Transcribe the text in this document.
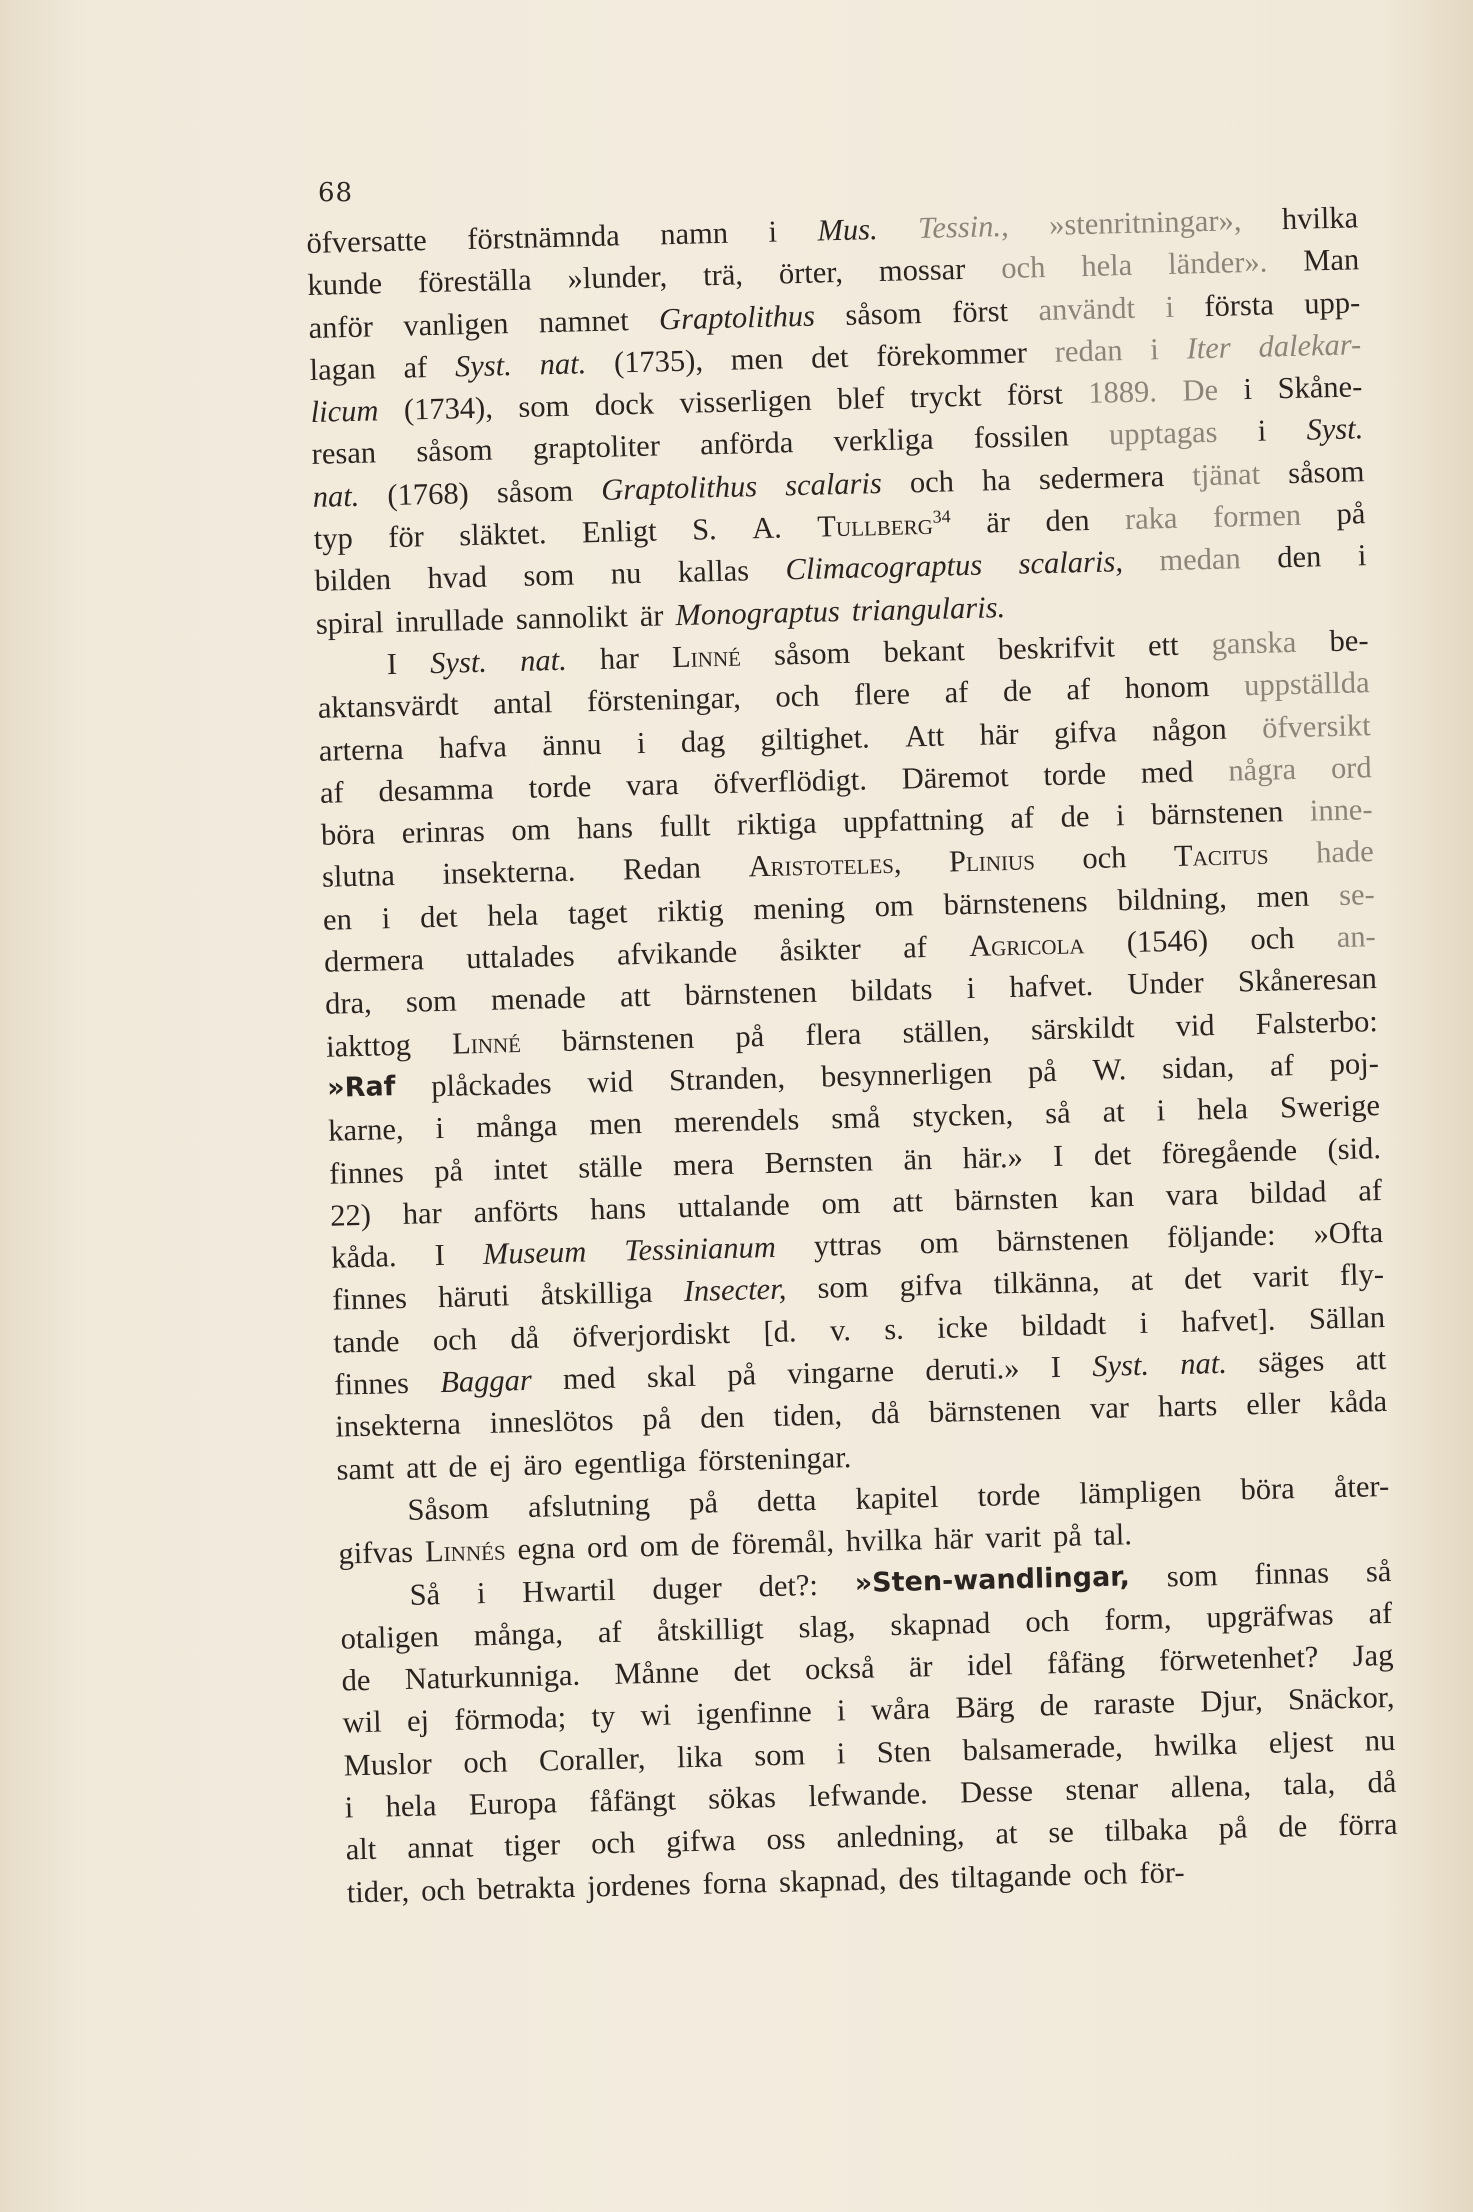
68
öfversatte förstnämnda namn i Mus. Tessin., »stenritningar», hvilka
kunde föreställa »lunder, trä, örter, mossar och hela länder». Man
anför vanligen namnet Graptolithus såsom först användt i första upp-
lagan af Syst. nat. (1735), men det förekommer redan i Iter dalekar-
licum (1734), som dock visserligen blef tryckt först 1889. De i Skåne-
resan såsom graptoliter anförda verkliga fossilen upptagas i Syst.
nat. (1768) såsom Graptolithus scalaris och ha sedermera tjänat såsom
typ för släktet. Enligt S. A. Tullberg$^{34}$ är den raka formen på
bilden hvad som nu kallas Climacograptus scalaris, medan den i
spiral inrullade sannolikt är Monograptus triangularis.
I Syst. nat. har Linné såsom bekant beskrifvit ett ganska be-
aktansvärdt antal försteningar, och flere af de af honom uppställda
arterna hafva ännu i dag giltighet. Att här gifva någon öfversikt
af desamma torde vara öfverflödigt. Däremot torde med några ord
böra erinras om hans fullt riktiga uppfattning af de i bärnstenen inne-
slutna insekterna. Redan Aristoteles, Plinius och Tacitus hade
en i det hela taget riktig mening om bärnstenens bildning, men se-
dermera uttalades afvikande åsikter af Agricola (1546) och an-
dra, som menade att bärnstenen bildats i hafvet. Under Skåneresan
iakttog Linné bärnstenen på flera ställen, särskildt vid Falsterbo:
»Raf plåckades wid Stranden, besynnerligen på W. sidan, af poj-
karne, i många men merendels små stycken, så at i hela Swerige
finnes på intet ställe mera Bernsten än här.» I det föregående (sid.
22) har anförts hans uttalande om att bärnsten kan vara bildad af
kåda. I Museum Tessinianum yttras om bärnstenen följande: »Ofta
finnes häruti åtskilliga Insecter, som gifva tilkänna, at det varit fly-
tande och då öfverjordiskt [d. v. s. icke bildadt i hafvet]. Sällan
finnes Baggar med skal på vingarne deruti.» I Syst. nat. säges att
insekterna inneslötos på den tiden, då bärnstenen var harts eller kåda
samt att de ej äro egentliga försteningar.
Såsom afslutning på detta kapitel torde lämpligen böra åter-
gifvas Linnés egna ord om de föremål, hvilka här varit på tal.
Så i Hwartil duger det?: »Sten-wandlingar, som finnas så
otaligen många, af åtskilligt slag, skapnad och form, upgräfwas af
de Naturkunniga. Månne det också är idel fåfäng förwetenhet? Jag
wil ej förmoda; ty wi igenfinne i wåra Bärg de raraste Djur, Snäckor,
Muslor och Coraller, lika som i Sten balsamerade, hwilka eljest nu
i hela Europa fåfängt sökas lefwande. Desse stenar allena, tala, då
alt annat tiger och gifwa oss anledning, at se tilbaka på de förra
tider, och betrakta jordenes forna skapnad, des tiltagande och för-
